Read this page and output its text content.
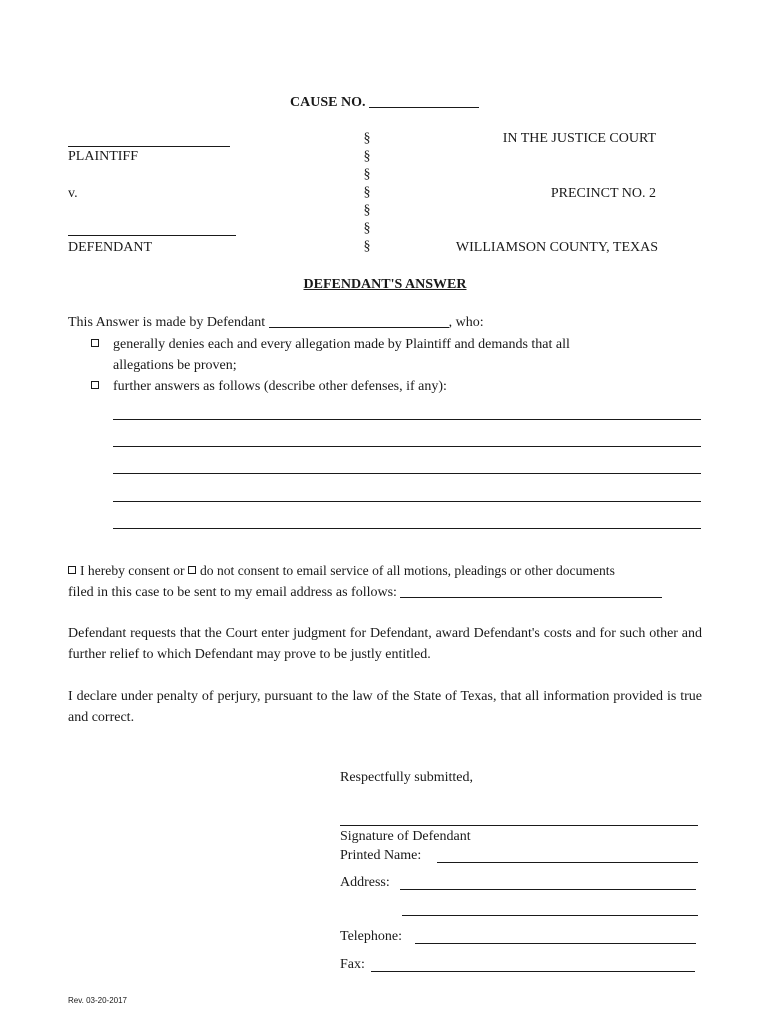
CAUSE NO.
PLAINTIFF
v.
DEFENDANT
§
§
§
§
§
§
§
IN THE JUSTICE COURT
PRECINCT NO. 2
WILLIAMSON COUNTY, TEXAS
DEFENDANT'S ANSWER
This Answer is made by Defendant	, who:
generally denies each and every allegation made by Plaintiff and demands that all
allegations be proven;
further answers as follows (describe other defenses, if any):
I hereby consent or do not consent to email service of all motions, pleadings or other documents
filed in this case to be sent to my email address as follows:
Defendant requests that the Court enter judgment for Defendant, award Defendant's costs and for such other and further relief to which Defendant may prove to be justly entitled.
I declare under penalty of perjury, pursuant to the law of the State of Texas, that all information provided is true and correct.
Respectfully submitted,
Signature of Defendant
Printed Name:
Address:
Telephone:
Fax:
Rev. 03-20-2017
